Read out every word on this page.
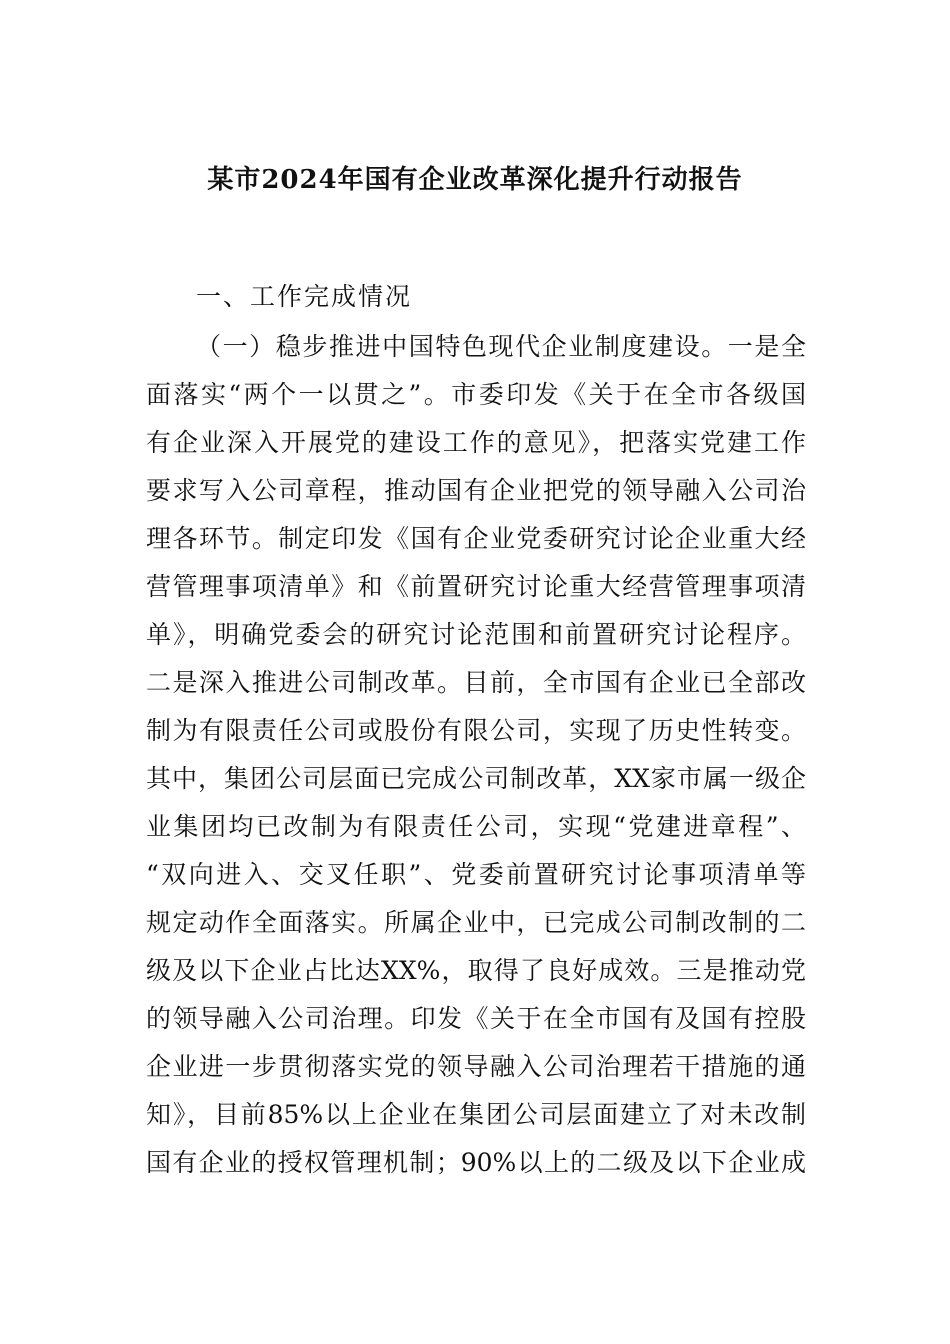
某市2024年国有企业改革深化提升行动报告
一、工作完成情况
（一）稳步推进中国特色现代企业制度建设。一是全
面落实“两个一以贯之”。市委印发《关于在全市各级国
有企业深入开展党的建设工作的意见》，把落实党建工作
要求写入公司章程，推动国有企业把党的领导融入公司治
理各环节。制定印发《国有企业党委研究讨论企业重大经
营管理事项清单》和《前置研究讨论重大经营管理事项清
单》，明确党委会的研究讨论范围和前置研究讨论程序。
二是深入推进公司制改革。目前，全市国有企业已全部改
制为有限责任公司或股份有限公司，实现了历史性转变。
其中，集团公司层面已完成公司制改革，XX家市属一级企
业集团均已改制为有限责任公司，实现“党建进章程”、
“双向进入、交叉任职”、党委前置研究讨论事项清单等
规定动作全面落实。所属企业中，已完成公司制改制的二
级及以下企业占比达XX%，取得了良好成效。三是推动党
的领导融入公司治理。印发《关于在全市国有及国有控股
企业进一步贯彻落实党的领导融入公司治理若干措施的通
知》，目前85%以上企业在集团公司层面建立了对未改制
国有企业的授权管理机制；90%以上的二级及以下企业成
